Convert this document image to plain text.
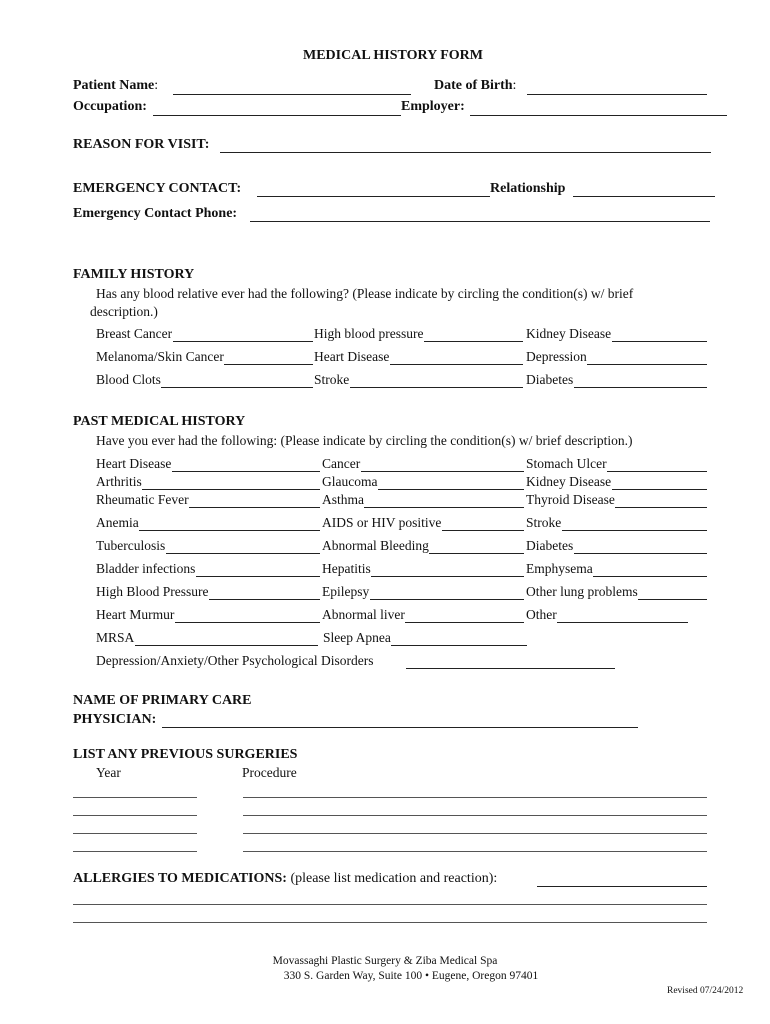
MEDICAL HISTORY FORM
Patient Name:	Date of Birth:
Occupation:	Employer:
REASON FOR VISIT:
EMERGENCY CONTACT:	Relationship
Emergency Contact Phone:
FAMILY HISTORY
Has any blood relative ever had the following? (Please indicate by circling the condition(s) w/ brief
description.)
Breast Cancer	High blood pressure	Kidney Disease
Melanoma/Skin Cancer	Heart Disease	Depression
Blood Clots	Stroke	Diabetes
PAST MEDICAL HISTORY
Have you ever had the following: (Please indicate by circling the condition(s) w/ brief description.)
Heart Disease	Cancer	Stomach Ulcer
Arthritis	Glaucoma	Kidney Disease
Rheumatic Fever	Asthma	Thyroid Disease
Anemia	AIDS or HIV positive	Stroke
Tuberculosis	Abnormal Bleeding	Diabetes
Bladder infections	Hepatitis	Emphysema
High Blood Pressure	Epilepsy	Other lung problems
Heart Murmur	Abnormal liver	Other
MRSA	Sleep Apnea
Depression/Anxiety/Other Psychological Disorders
NAME OF PRIMARY CARE
PHYSICIAN:
LIST ANY PREVIOUS SURGERIES
Year	Procedure
ALLERGIES TO MEDICATIONS: (please list medication and reaction):
Movassaghi Plastic Surgery & Ziba Medical Spa
330 S. Garden Way, Suite 100 • Eugene, Oregon 97401
Revised 07/24/2012
